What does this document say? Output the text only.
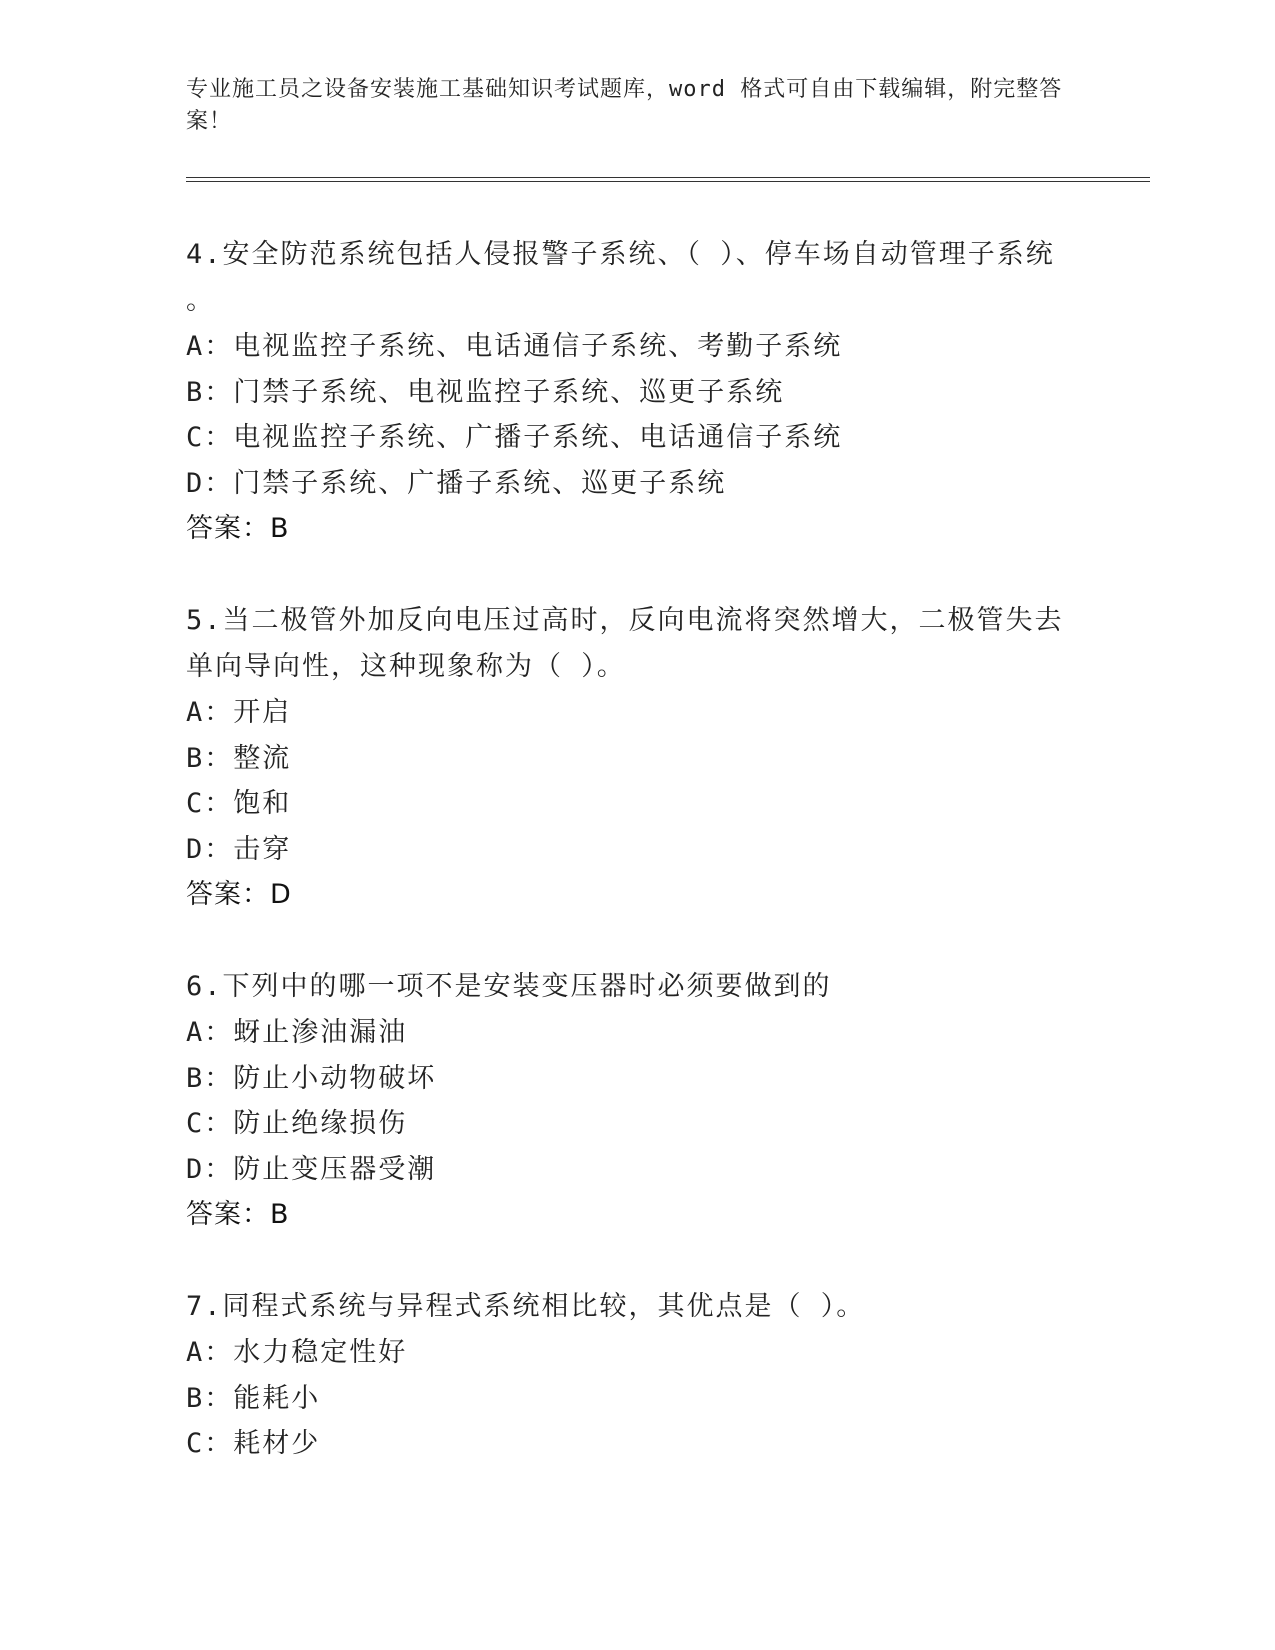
专业施工员之设备安装施工基础知识考试题库，word 格式可自由下载编辑，附完整答案！

4.安全防范系统包括人侵报警子系统、（ ）、停车场自动管理子系统

。

A：电视监控子系统、电话通信子系统、考勤子系统

B：门禁子系统、电视监控子系统、巡更子系统

C：电视监控子系统、广播子系统、电话通信子系统

D：门禁子系统、广播子系统、巡更子系统

答案：B

5.当二极管外加反向电压过高时，反向电流将突然增大，二极管失去

单向导向性，这种现象称为（ ）。

A：开启

B：整流

C：饱和

D：击穿

答案：D

6.下列中的哪一项不是安装变压器时必须要做到的

A：蚜止渗油漏油

B：防止小动物破坏

C：防止绝缘损伤

D：防止变压器受潮

答案：B

7.同程式系统与异程式系统相比较，其优点是（ ）。

A：水力稳定性好

B：能耗小

C：耗材少
